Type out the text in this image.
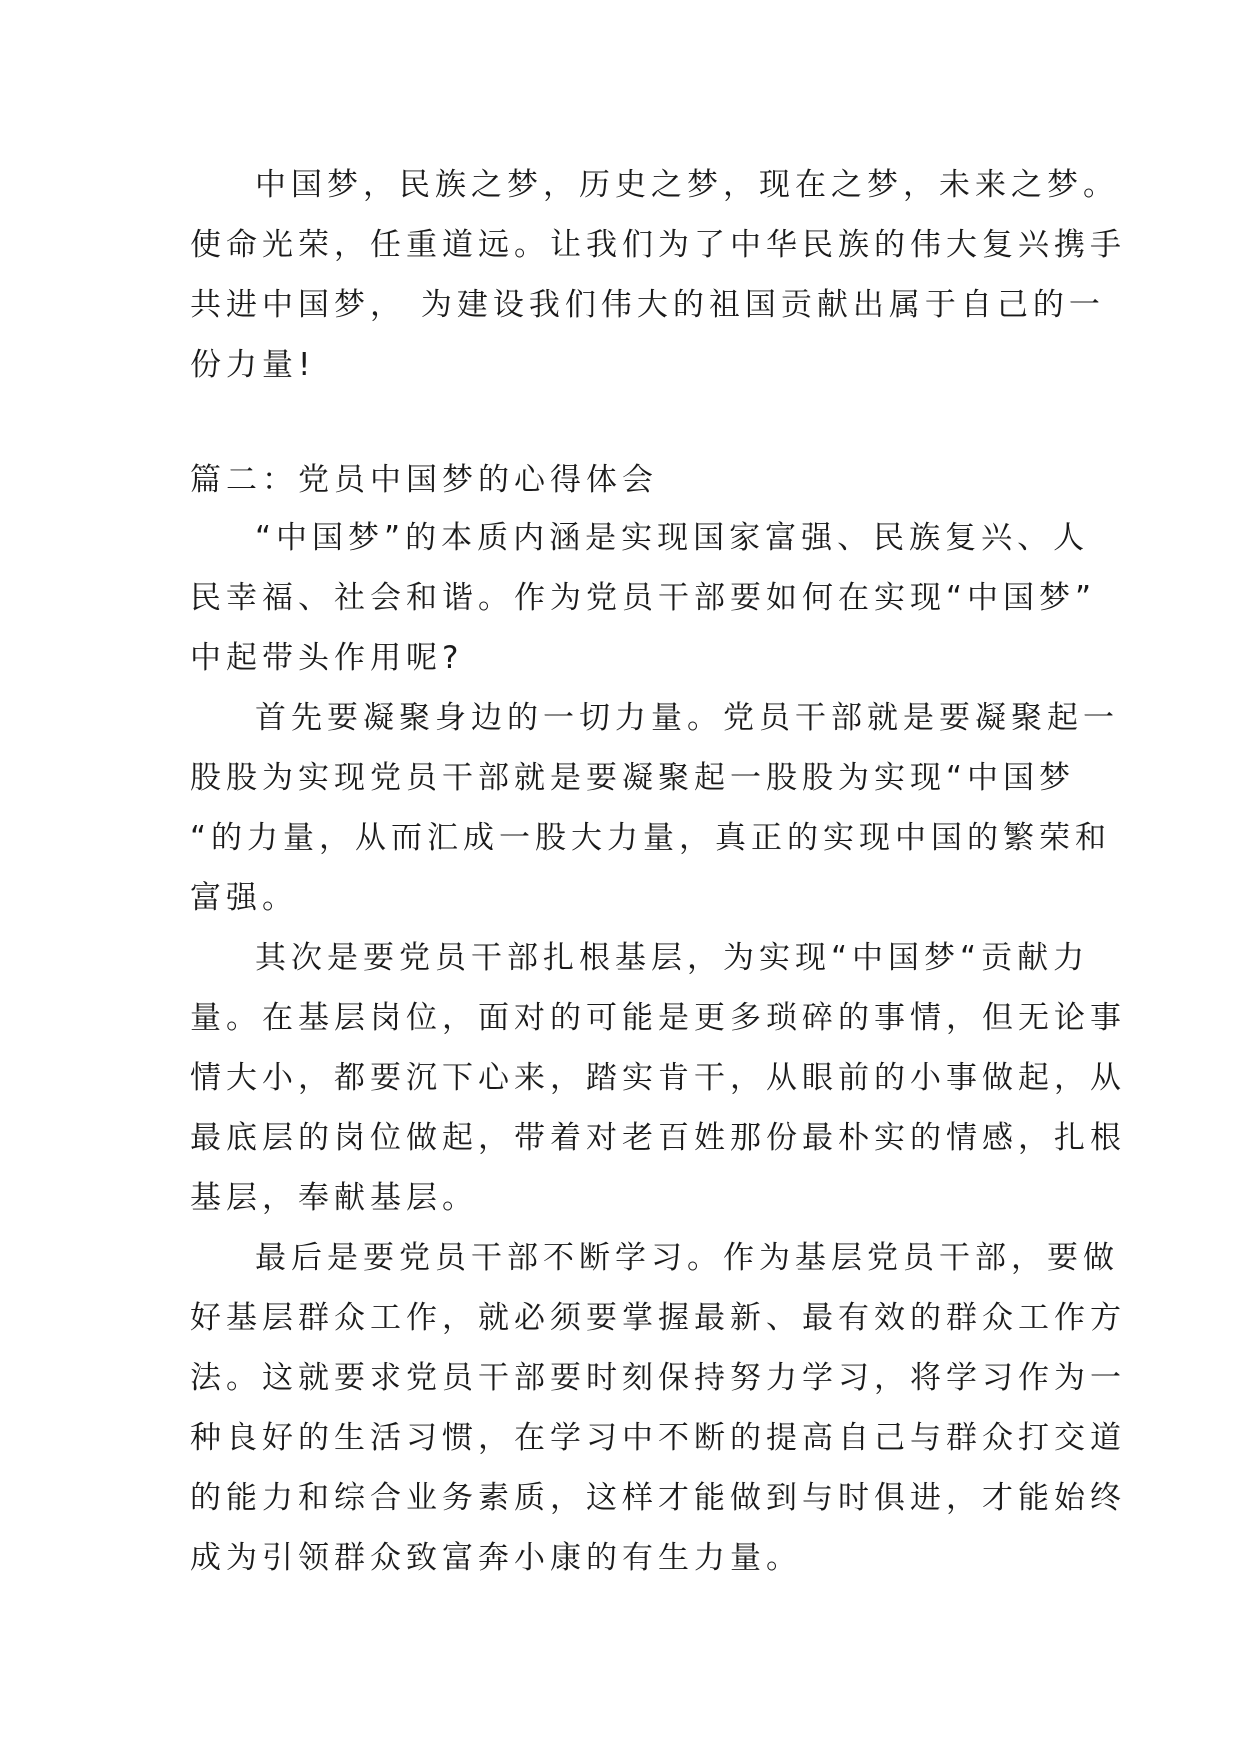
中国梦，民族之梦，历史之梦，现在之梦，未来之梦。
使命光荣，任重道远。让我们为了中华民族的伟大复兴携手
共进中国梦， 为建设我们伟大的祖国贡献出属于自己的一
份力量!
篇二：党员中国梦的心得体会
“中国梦”的本质内涵是实现国家富强、民族复兴、人
民幸福、社会和谐。作为党员干部要如何在实现“中国梦”
中起带头作用呢?
首先要凝聚身边的一切力量。党员干部就是要凝聚起一
股股为实现党员干部就是要凝聚起一股股为实现“中国梦
“的力量，从而汇成一股大力量，真正的实现中国的繁荣和
富强。
其次是要党员干部扎根基层，为实现“中国梦“贡献力
量。在基层岗位，面对的可能是更多琐碎的事情，但无论事
情大小，都要沉下心来，踏实肯干，从眼前的小事做起，从
最底层的岗位做起，带着对老百姓那份最朴实的情感，扎根
基层，奉献基层。
最后是要党员干部不断学习。作为基层党员干部，要做
好基层群众工作，就必须要掌握最新、最有效的群众工作方
法。这就要求党员干部要时刻保持努力学习，将学习作为一
种良好的生活习惯，在学习中不断的提高自己与群众打交道
的能力和综合业务素质，这样才能做到与时俱进，才能始终
成为引领群众致富奔小康的有生力量。
